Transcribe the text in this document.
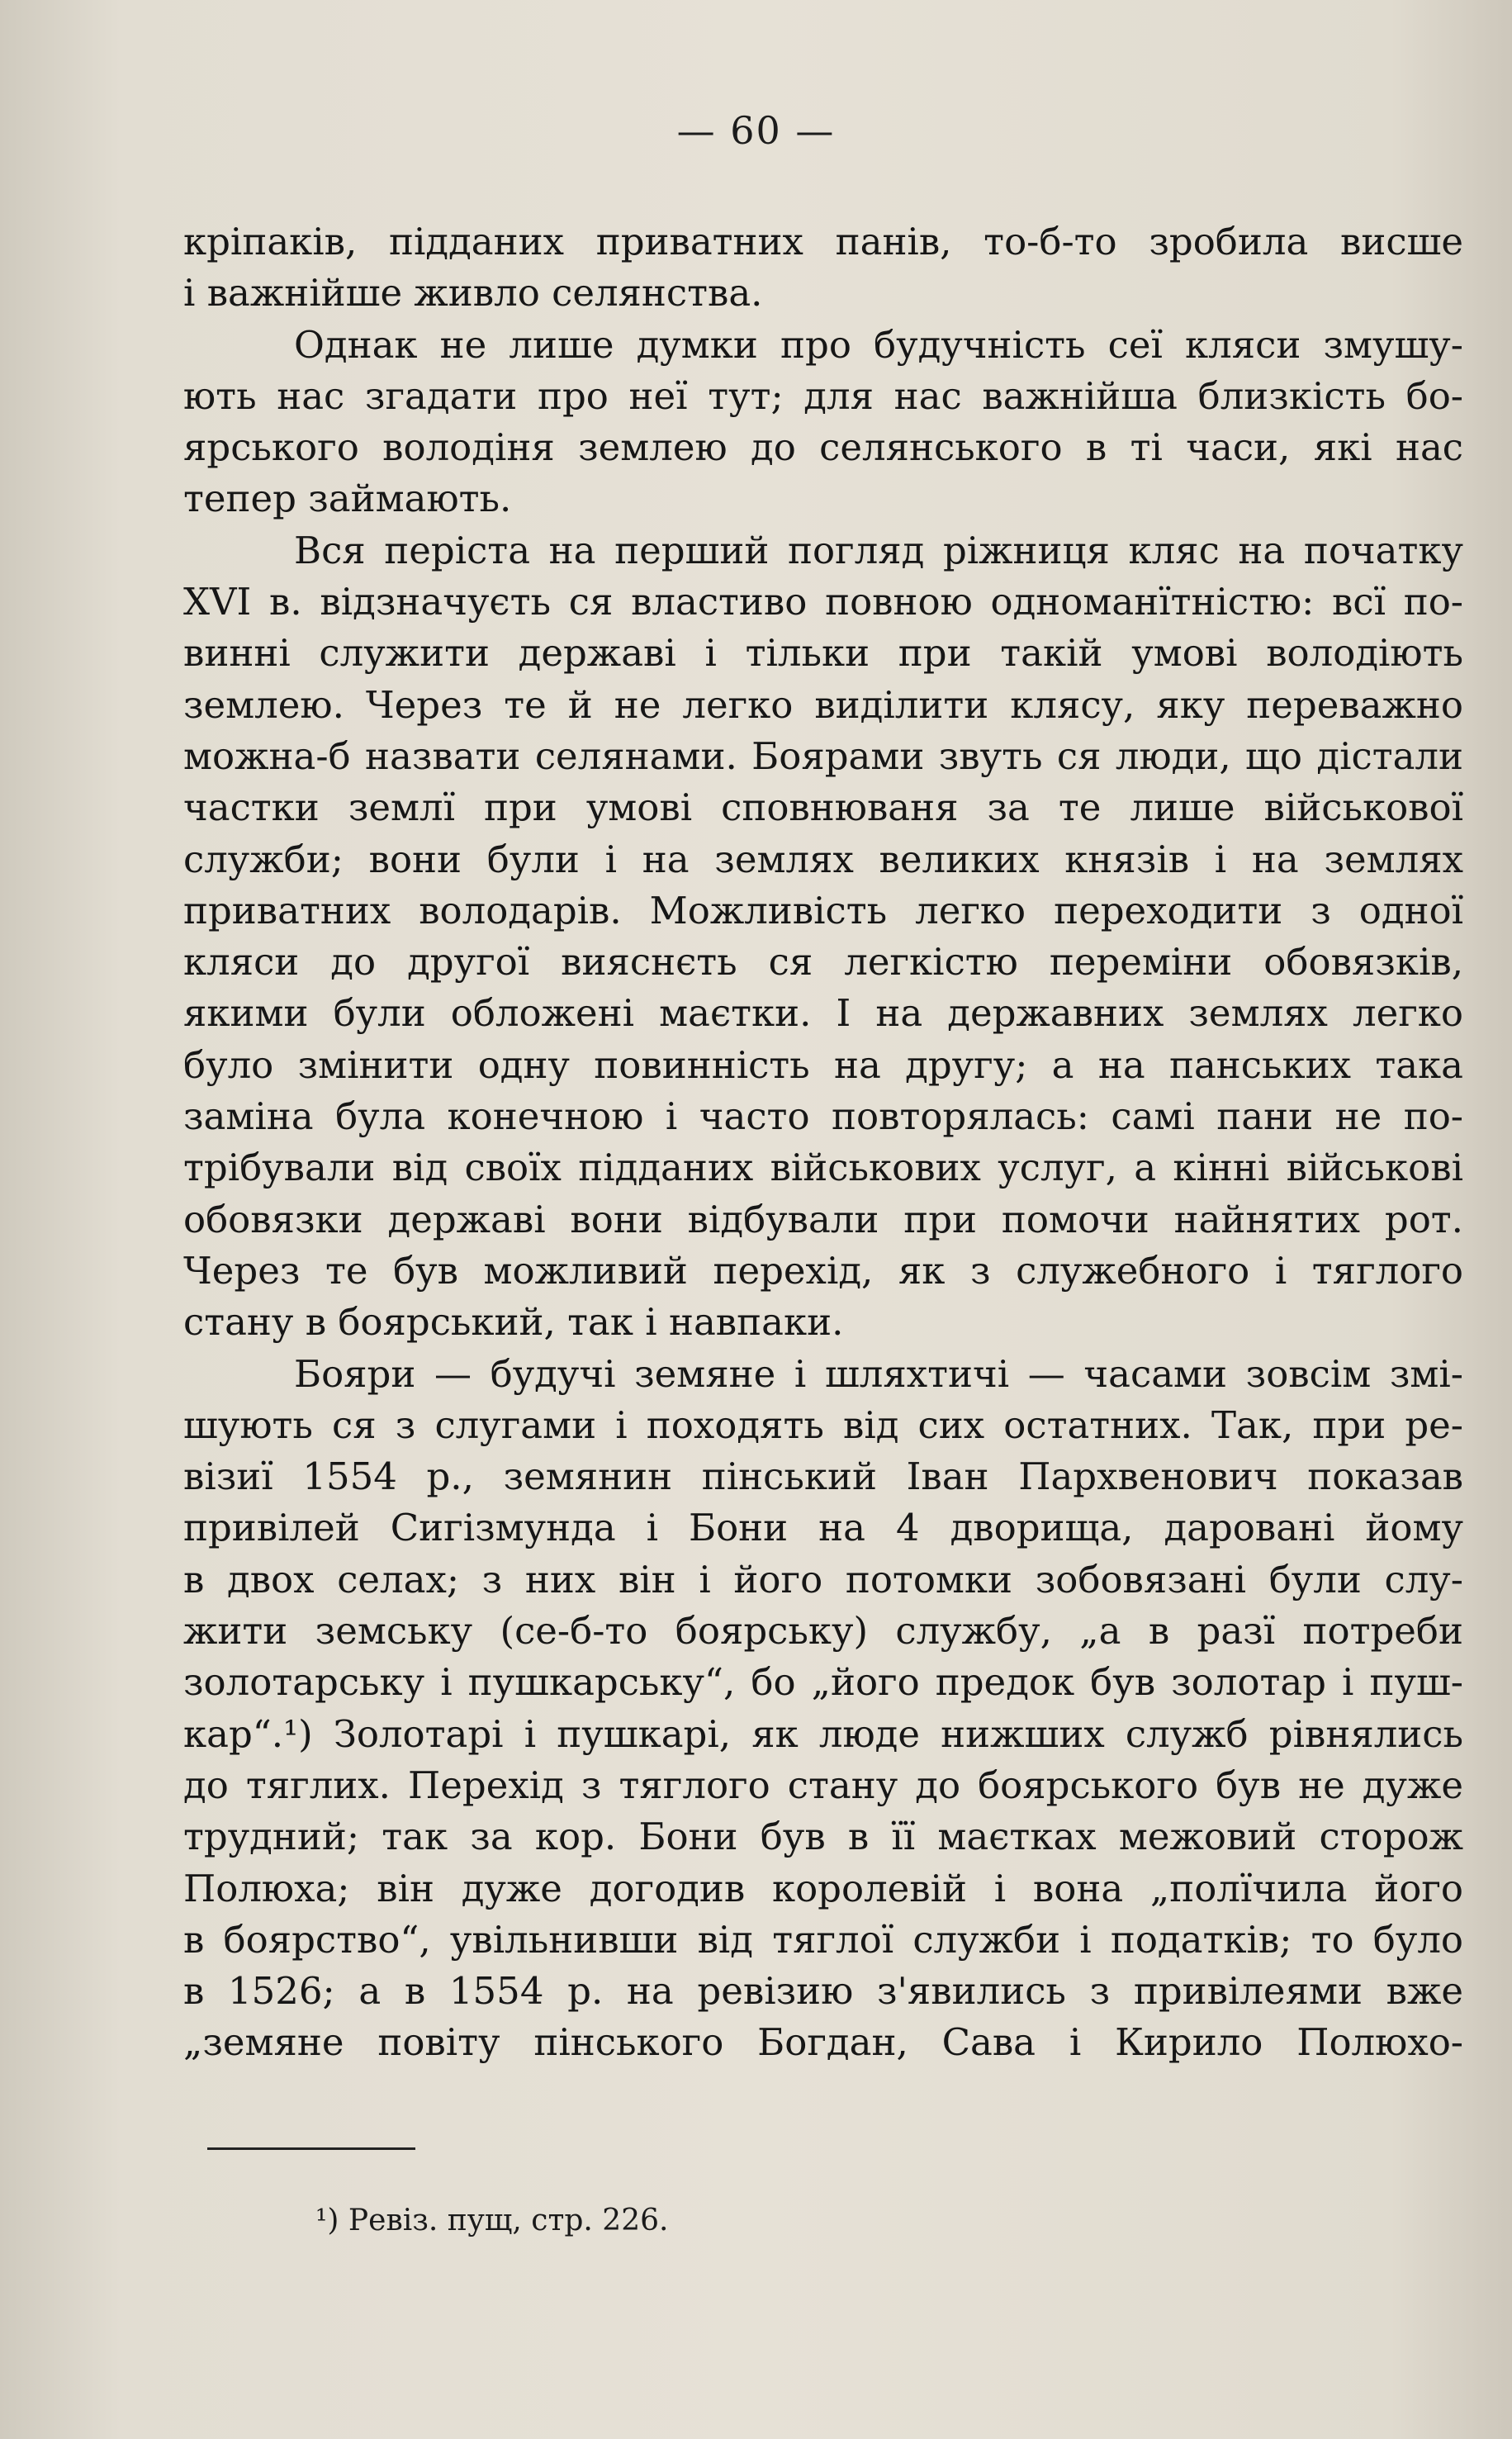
— 60 —
кріпаків, підданих приватних панів, то-б-то зробила висше
і важнійше живло селянства.
Однак не лише думки про будучність сеї кляси змушу-
ють нас згадати про неї тут; для нас важнійша близкість бо-
ярського володіня землею до селянського в ті часи, які нас
тепер займають.
Вся періста на перший погляд ріжниця кляс на початку
XVI в. відзначуєть ся властиво повною одноманїтністю: всї по-
винні служити державі і тільки при такій умові володіють
землею. Через те й не легко виділити клясу, яку переважно
можна-б назвати селянами. Боярами звуть ся люди, що дістали
частки землї при умові сповнюваня за те лише військової
служби; вони були і на землях великих князів і на землях
приватних володарів. Можливість легко переходити з одної
кляси до другої вияснєть ся легкістю переміни обовязків,
якими були обложені маєтки. І на державних землях легко
було змінити одну повинність на другу; а на панських така
заміна була конечною і часто повторялась: самі пани не по-
трібували від своїх підданих військових услуг, а кінні військові
обовязки державі вони відбували при помочи найнятих рот.
Через те був можливий перехід, як з служебного і тяглого
стану в боярський, так і навпаки.
Бояри — будучі земяне і шляхтичі — часами зовсім змі-
шують ся з слугами і походять від сих остатних. Так, при ре-
візиї 1554 р., земянин пінський Іван Пархвенович показав
привілей Сигізмунда і Бони на 4 дворища, даровані йому
в двох селах; з них він і його потомки зобовязані були слу-
жити земську (се-б-то боярську) службу, „а в разї потреби
золотарську і пушкарську“, бо „його предок був золотар і пуш-
кар“.¹) Золотарі і пушкарі, як люде нижших служб рівнялись
до тяглих. Перехід з тяглого стану до боярського був не дуже
трудний; так за кор. Бони був в її маєтках межовий сторож
Полюха; він дуже догодив королевій і вона „полїчила його
в боярство“, увільнивши від тяглої служби і податків; то було
в 1526; а в 1554 р. на ревізию з'явились з привілеями вже
„земяне повіту пінського Богдан, Сава і Кирило Полюхо-
¹) Ревіз. пущ, стр. 226.
